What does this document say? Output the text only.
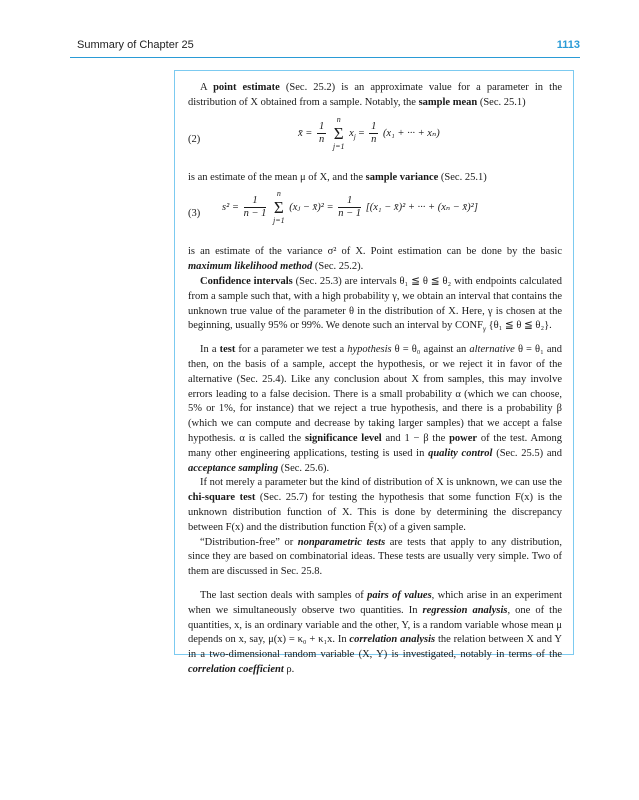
Summary of Chapter 25	1113

A point estimate (Sec. 25.2) is an approximate value for a parameter in the distribution of X obtained from a sample. Notably, the sample mean (Sec. 25.1)

(2)
x̄ = $\frac{1}{n}$

n
Σ
j=1
$x_j = \frac{1}{n} (x_1$ + ··· + xₙ)

is an estimate of the mean μ of X, and the sample variance (Sec. 25.1)

(3)
$s^2 = \frac{1}{n - 1}$

n
Σ
j=1
(xⱼ − x̄)² = $\frac{1}{n - 1} [(x_1$ − x̄)² + ··· + (xₙ − x̄)²]

is an estimate of the variance σ² of X. Point estimation can be done by the basic maximum likelihood method (Sec. 25.2).

Confidence intervals (Sec. 25.3) are intervals θ₁ ≦ θ ≦ θ₂ with endpoints calculated from a sample such that, with a high probability γ, we obtain an interval that contains the unknown true value of the parameter θ in the distribution of X. Here, γ is chosen at the beginning, usually 95% or 99%. We denote such an interval by $CONF_\gamma$ {θ₁ ≦ θ ≦ θ₂}.

In a test for a parameter we test a hypothesis θ = θ₀ against an alternative θ = θ₁ and then, on the basis of a sample, accept the hypothesis, or we reject it in favor of the alternative (Sec. 25.4). Like any conclusion about X from samples, this may involve errors leading to a false decision. There is a small probability α (which we can choose, 5% or 1%, for instance) that we reject a true hypothesis, and there is a probability β (which we can compute and decrease by taking larger samples) that we accept a false hypothesis. α is called the significance level and 1 − β the power of the test. Among many other engineering applications, testing is used in quality control (Sec. 25.5) and acceptance sampling (Sec. 25.6).

If not merely a parameter but the kind of distribution of X is unknown, we can use the chi-square test (Sec. 25.7) for testing the hypothesis that some function F(x) is the unknown distribution function of X. This is done by determining the discrepancy between F(x) and the distribution function F̃(x) of a given sample.

“Distribution-free” or nonparametric tests are tests that apply to any distribution, since they are based on combinatorial ideas. These tests are usually very simple. Two of them are discussed in Sec. 25.8.

The last section deals with samples of pairs of values, which arise in an experiment when we simultaneously observe two quantities. In regression analysis, one of the quantities, x, is an ordinary variable and the other, Y, is a random variable whose mean μ depends on x, say, μ(x) = κ₀ + κ₁x. In correlation analysis the relation between X and Y in a two-dimensional random variable (X, Y) is investigated, notably in terms of the correlation coefficient ρ.
